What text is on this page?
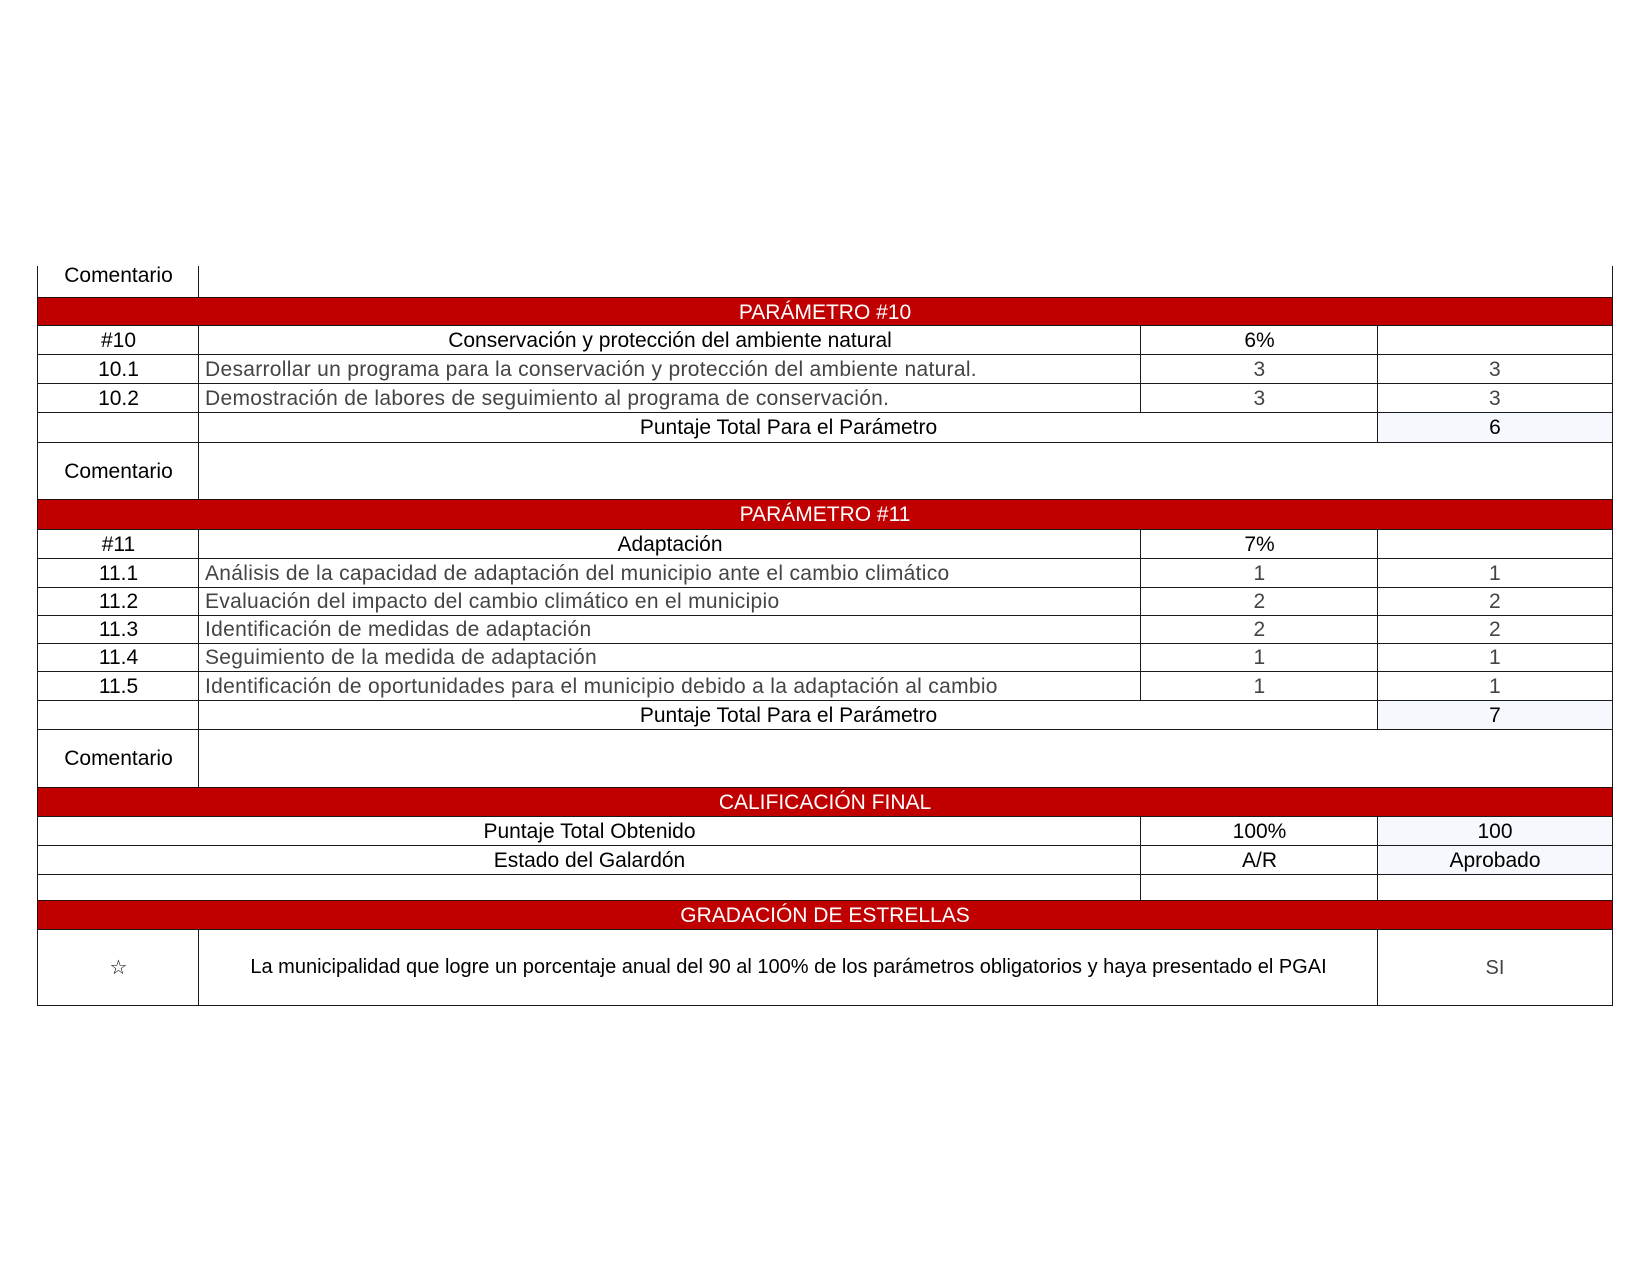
Comentario
PARÁMETRO #10
#10	Conservación y protección del ambiente natural	6%
10.1	Desarrollar un programa para la conservación y protección del ambiente natural.	3	3
10.2	Demostración de labores de seguimiento al programa de conservación.	3	3
Puntaje Total Para el Parámetro	6
Comentario
PARÁMETRO #11
#11	Adaptación	7%
11.1	Análisis de la capacidad de adaptación del municipio ante el cambio climático	1	1
11.2	Evaluación del impacto del cambio climático en el municipio	2	2
11.3	Identificación de medidas de adaptación	2	2
11.4	Seguimiento de la medida de adaptación	1	1
11.5	Identificación de oportunidades para el municipio debido a la adaptación al cambio	1	1
Puntaje Total Para el Parámetro	7
Comentario
CALIFICACIÓN FINAL
Puntaje Total Obtenido	100%	100
Estado del Galardón	A/R	Aprobado
GRADACIÓN DE ESTRELLAS
☆	La municipalidad que logre un porcentaje anual del 90 al 100% de los parámetros obligatorios y haya presentado el PGAI	SI
